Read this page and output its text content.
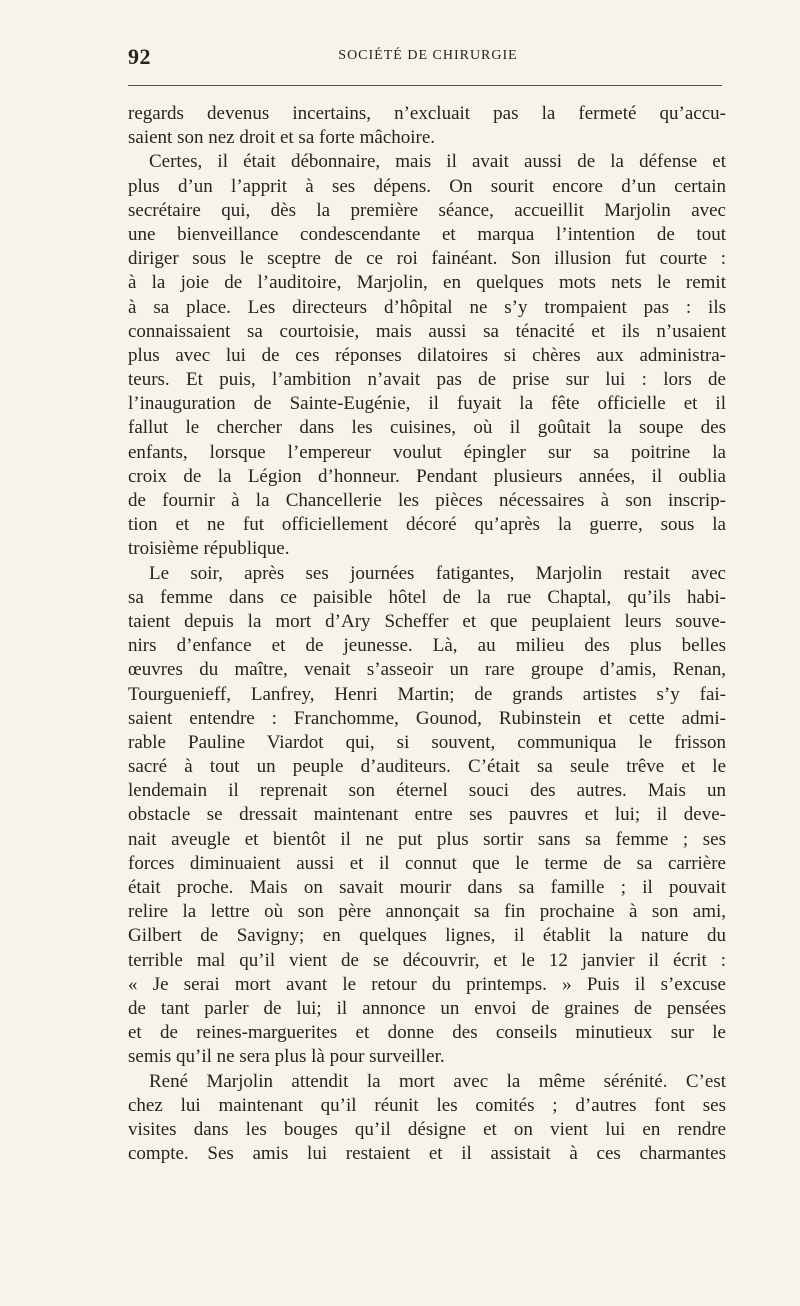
92	SOCIÉTÉ DE CHIRURGIE
regards devenus incertains, n’excluait pas la fermeté qu’accu-
saient son nez droit et sa forte mâchoire.
Certes, il était débonnaire, mais il avait aussi de la défense et
plus d’un l’apprit à ses dépens. On sourit encore d’un certain
secrétaire qui, dès la première séance, accueillit Marjolin avec
une bienveillance condescendante et marqua l’intention de tout
diriger sous le sceptre de ce roi fainéant. Son illusion fut courte :
à la joie de l’auditoire, Marjolin, en quelques mots nets le remit
à sa place. Les directeurs d’hôpital ne s’y trompaient pas : ils
connaissaient sa courtoisie, mais aussi sa ténacité et ils n’usaient
plus avec lui de ces réponses dilatoires si chères aux administra-
teurs. Et puis, l’ambition n’avait pas de prise sur lui : lors de
l’inauguration de Sainte-Eugénie, il fuyait la fête officielle et il
fallut le chercher dans les cuisines, où il goûtait la soupe des
enfants, lorsque l’empereur voulut épingler sur sa poitrine la
croix de la Légion d’honneur. Pendant plusieurs années, il oublia
de fournir à la Chancellerie les pièces nécessaires à son inscrip-
tion et ne fut officiellement décoré qu’après la guerre, sous la
troisième république.
Le soir, après ses journées fatigantes, Marjolin restait avec
sa femme dans ce paisible hôtel de la rue Chaptal, qu’ils habi-
taient depuis la mort d’Ary Scheffer et que peuplaient leurs souve-
nirs d’enfance et de jeunesse. Là, au milieu des plus belles
œuvres du maître, venait s’asseoir un rare groupe d’amis, Renan,
Tourguenieff, Lanfrey, Henri Martin; de grands artistes s’y fai-
saient entendre : Franchomme, Gounod, Rubinstein et cette admi-
rable Pauline Viardot qui, si souvent, communiqua le frisson
sacré à tout un peuple d’auditeurs. C’était sa seule trêve et le
lendemain il reprenait son éternel souci des autres. Mais un
obstacle se dressait maintenant entre ses pauvres et lui; il deve-
nait aveugle et bientôt il ne put plus sortir sans sa femme ; ses
forces diminuaient aussi et il connut que le terme de sa carrière
était proche. Mais on savait mourir dans sa famille ; il pouvait
relire la lettre où son père annonçait sa fin prochaine à son ami,
Gilbert de Savigny; en quelques lignes, il établit la nature du
terrible mal qu’il vient de se découvrir, et le 12 janvier il écrit :
« Je serai mort avant le retour du printemps. » Puis il s’excuse
de tant parler de lui; il annonce un envoi de graines de pensées
et de reines-marguerites et donne des conseils minutieux sur le
semis qu’il ne sera plus là pour surveiller.
René Marjolin attendit la mort avec la même sérénité. C’est
chez lui maintenant qu’il réunit les comités ; d’autres font ses
visites dans les bouges qu’il désigne et on vient lui en rendre
compte. Ses amis lui restaient et il assistait à ces charmantes
